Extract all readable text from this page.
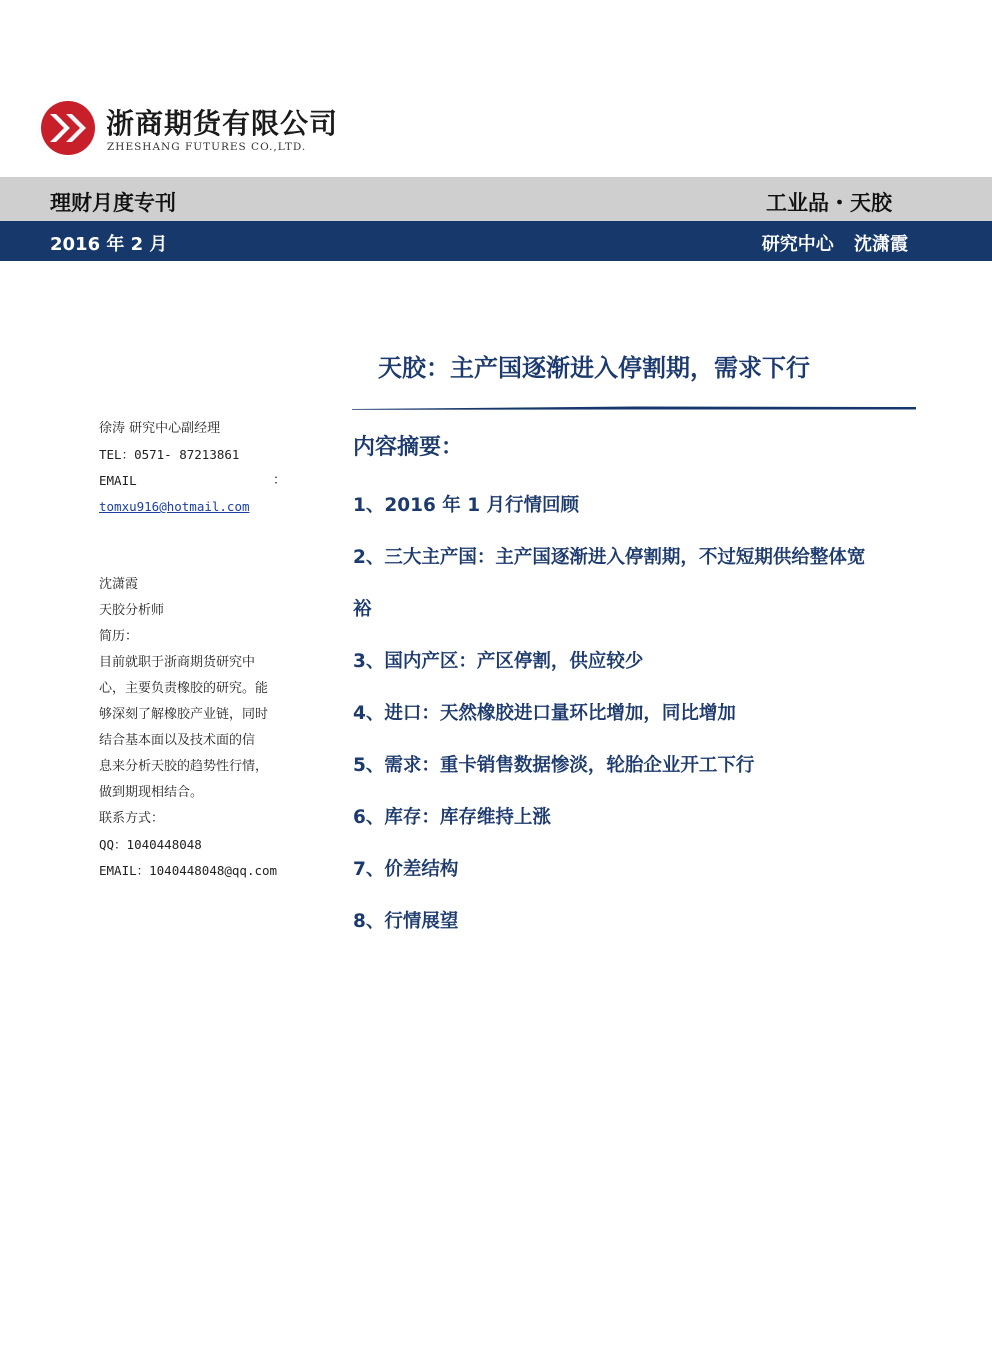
浙商期货有限公司
ZHESHANG FUTURES CO.,LTD.
理财月度专刊	工业品・天胶
2016 年 2 月	研究中心 沈潇霞
天胶：主产国逐渐进入停割期，需求下行
徐涛 研究中心副经理
TEL：0571- 87213861
EMAIL	：
tomxu916@hotmail.com
沈潇霞
天胶分析师
简历：
目前就职于浙商期货研究中
心，主要负责橡胶的研究。能
够深刻了解橡胶产业链，同时
结合基本面以及技术面的信
息来分析天胶的趋势性行情，
做到期现相结合。
联系方式：
QQ：1040448048
EMAIL：1040448048@qq.com
内容摘要：
1、2016 年 1 月行情回顾
2、三大主产国：主产国逐渐进入停割期，不过短期供给整体宽
裕
3、国内产区：产区停割，供应较少
4、进口：天然橡胶进口量环比增加，同比增加
5、需求：重卡销售数据惨淡，轮胎企业开工下行
6、库存：库存维持上涨
7、价差结构
8、行情展望
